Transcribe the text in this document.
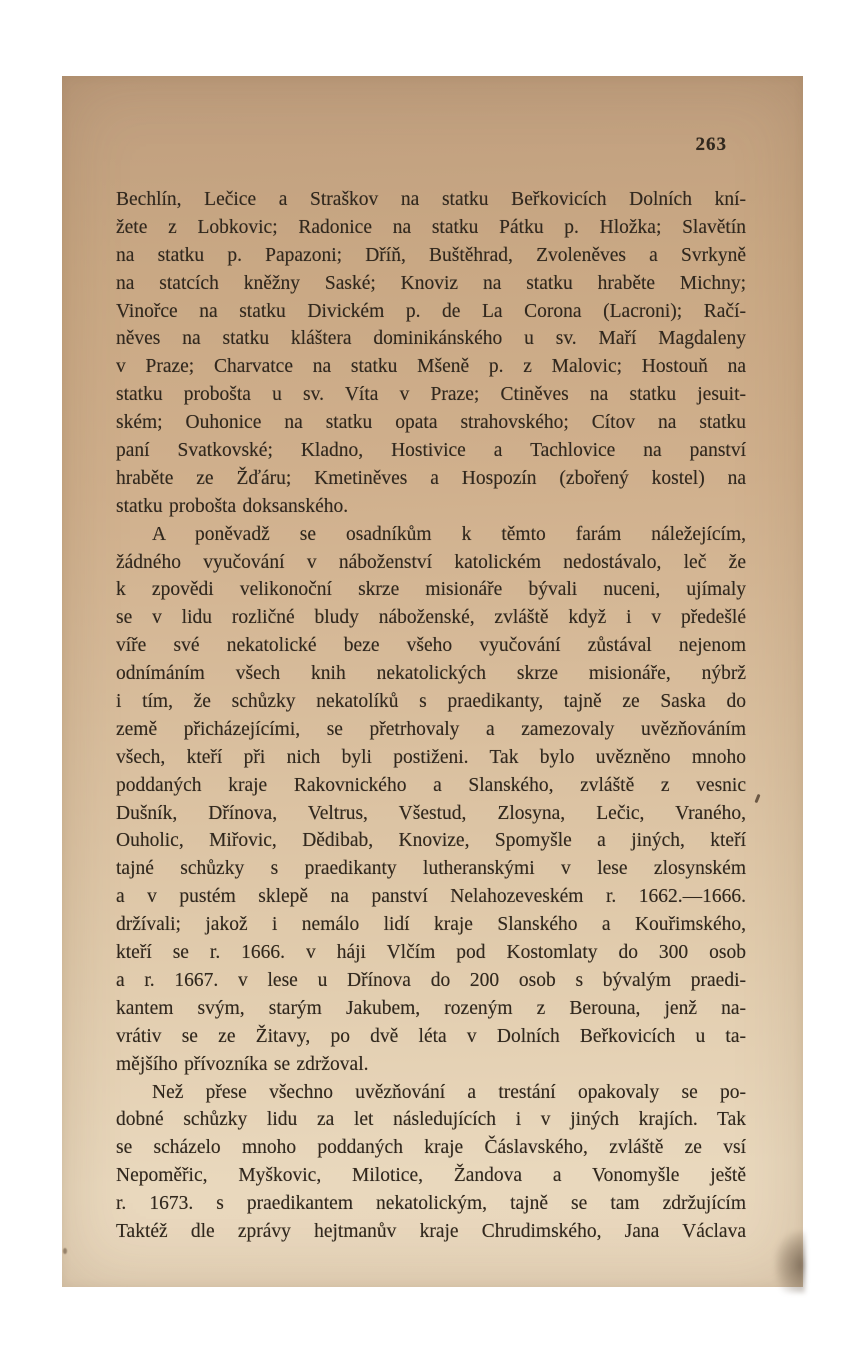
263
Bechlín, Lečice a Straškov na statku Beřkovicích Dolních kní-
žete z Lobkovic; Radonice na statku Pátku p. Hložka; Slavětín
na statku p. Papazoni; Dříň, Buštěhrad, Zvoleněves a Svrkyně
na statcích kněžny Saské; Knoviz na statku hraběte Michny;
Vinořce na statku Divickém p. de La Corona (Lacroni); Račí-
něves na statku kláštera dominikánského u sv. Maří Magdaleny
v Praze; Charvatce na statku Mšeně p. z Malovic; Hostouň na
statku probošta u sv. Víta v Praze; Ctiněves na statku jesuit-
ském; Ouhonice na statku opata strahovského; Cítov na statku
paní Svatkovské; Kladno, Hostivice a Tachlovice na panství
hraběte ze Žďáru; Kmetiněves a Hospozín (zbořený kostel) na
statku probošta doksanského.
A poněvadž se osadníkům k těmto farám náležejícím,
žádného vyučování v náboženství katolickém nedostávalo, leč že
k zpovědi velikonoční skrze misionáře bývali nuceni, ujímaly
se v lidu rozličné bludy náboženské, zvláště když i v předešlé
víře své nekatolické beze všeho vyučování zůstával nejenom
odnímáním všech knih nekatolických skrze misionáře, nýbrž
i tím, že schůzky nekatolíků s praedikanty, tajně ze Saska do
země přicházejícími, se přetrhovaly a zamezovaly uvězňováním
všech, kteří při nich byli postiženi. Tak bylo uvězněno mnoho
poddaných kraje Rakovnického a Slanského, zvláště z vesnic
Dušník, Dřínova, Veltrus, Všestud, Zlosyna, Lečic, Vraného,
Ouholic, Miřovic, Dědibab, Knovize, Spomyšle a jiných, kteří
tajné schůzky s praedikanty lutheranskými v lese zlosynském
a v pustém sklepě na panství Nelahozeveském r. 1662.—1666.
držívali; jakož i nemálo lidí kraje Slanského a Kouřimského,
kteří se r. 1666. v háji Vlčím pod Kostomlaty do 300 osob
a r. 1667. v lese u Dřínova do 200 osob s bývalým praedi-
kantem svým, starým Jakubem, rozeným z Berouna, jenž na-
vrátiv se ze Žitavy, po dvě léta v Dolních Beřkovicích u ta-
mějšího přívozníka se zdržoval.
Než přese všechno uvězňování a trestání opakovaly se po-
dobné schůzky lidu za let následujících i v jiných krajích. Tak
se scházelo mnoho poddaných kraje Čáslavského, zvláště ze vsí
Nepoměřic, Myškovic, Milotice, Žandova a Vonomyšle ještě
r. 1673. s praedikantem nekatolickým, tajně se tam zdržujícím
Taktéž dle zprávy hejtmanův kraje Chrudimského, Jana Václava
